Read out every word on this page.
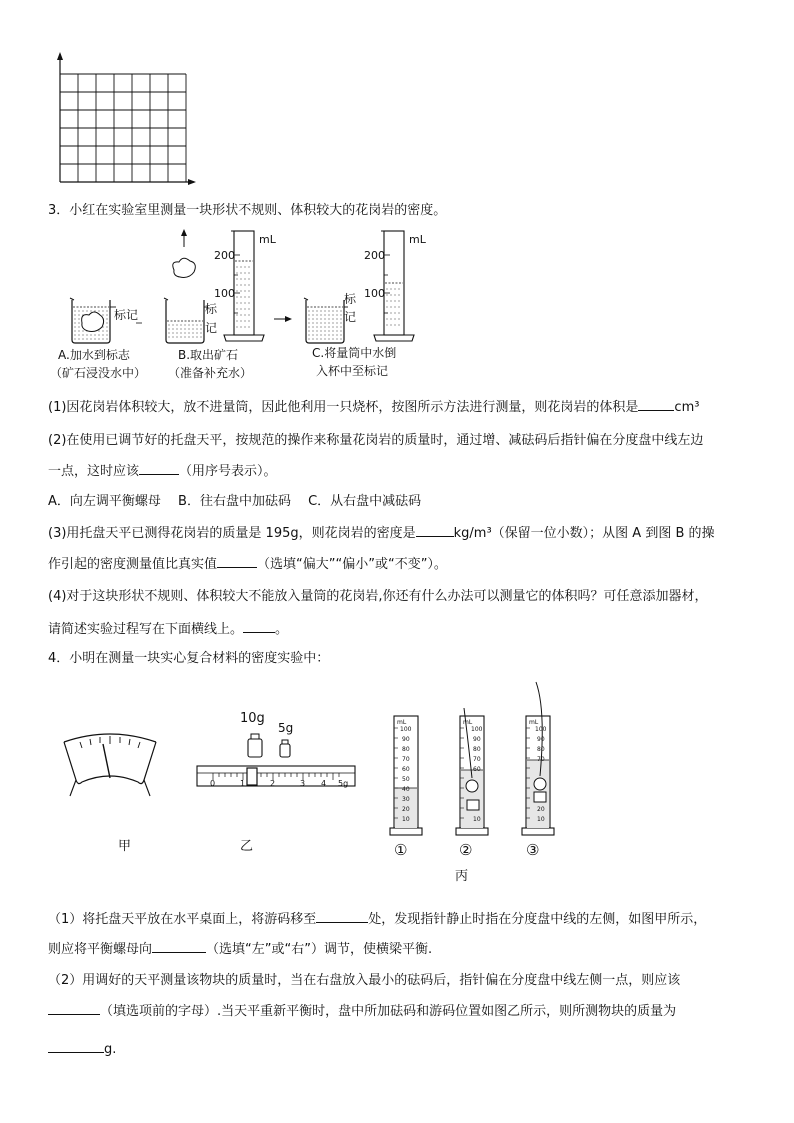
3．小红在实验室里测量一块形状不规则、体积较大的花岗岩的密度。
标记	标
记
mL
200
100	标
记
mL
200
100
A.加水到标志
（矿石浸没水中）
B.取出矿石
（准备补充水）
C.将量筒中水倒
入杯中至标记
(1)因花岗岩体积较大，放不进量筒，因此他利用一只烧杯，按图所示方法进行测量，则花岗岩的体积是	cm³
(2)在使用已调节好的托盘天平，按规范的操作来称量花岗岩的质量时，通过增、减砝码后指针偏在分度盘中线左边
一点，这时应该	（用序号表示）。
A．向左调平衡螺母　 B．往右盘中加砝码　 C．从右盘中减砝码
(3)用托盘天平已测得花岗岩的质量是 195g，则花岗岩的密度是	kg/m³（保留一位小数）；从图 A 到图 B 的操
作引起的密度测量值比真实值	（选填“偏大”“偏小”或“不变”）。
(4)对于这块形状不规则、体积较大不能放入量筒的花岗岩,你还有什么办法可以测量它的体积吗？可任意添加器材，
请简述实验过程写在下面横线上。 。
4．小明在测量一块实心复合材料的密度实验中：
甲
10g
5g
0	1	2	3 4 5g
乙
mL	mL	mL
100
90
80
70
60
50
40
30
20
10
100
90
80
70
60
10
100
90
80
70
20
10
①	②	③
丙
（1）将托盘天平放在水平桌面上，将游码移至	处，发现指针静止时指在分度盘中线的左侧，如图甲所示，
则应将平衡螺母向	（选填“左”或“右”）调节，使横梁平衡.
（2）用调好的天平测量该物块的质量时，当在右盘放入最小的砝码后，指针偏在分度盘中线左侧一点，则应该
（填选项前的字母）.当天平重新平衡时，盘中所加砝码和游码位置如图乙所示，则所测物块的质量为
g.
